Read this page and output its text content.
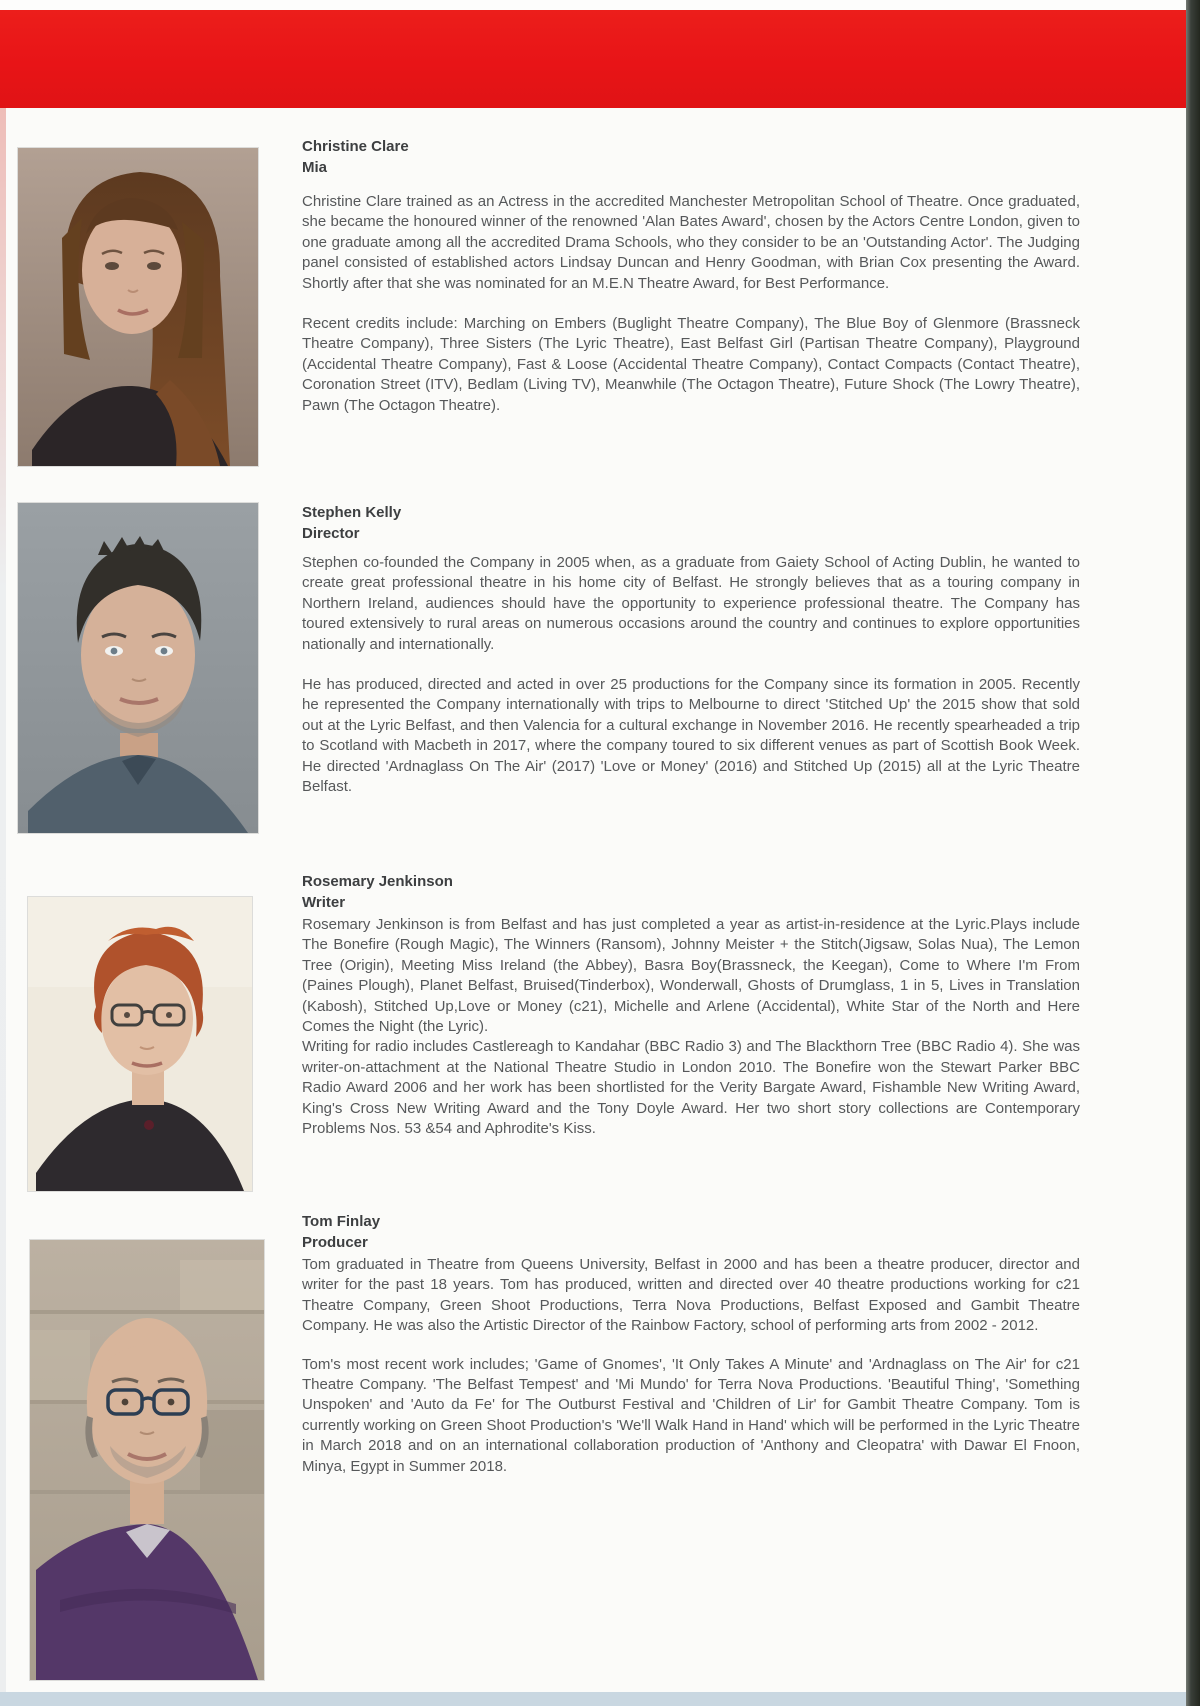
Christine Clare
Mia

Christine Clare trained as an Actress in the accredited Manchester Metropolitan School of Theatre. Once graduated, she became the honoured winner of the renowned 'Alan Bates Award', chosen by the Actors Centre London, given to one graduate among all the accredited Drama Schools, who they consider to be an 'Outstanding Actor'. The Judging panel consisted of established actors Lindsay Duncan and Henry Goodman, with Brian Cox presenting the Award. Shortly after that she was nominated for an M.E.N Theatre Award, for Best Performance.

Recent credits include: Marching on Embers (Buglight Theatre Company), The Blue Boy of Glenmore (Brassneck Theatre Company), Three Sisters (The Lyric Theatre), East Belfast Girl (Partisan Theatre Company), Playground (Accidental Theatre Company), Fast & Loose (Accidental Theatre Company), Contact Compacts (Contact Theatre), Coronation Street (ITV), Bedlam (Living TV), Meanwhile (The Octagon Theatre), Future Shock (The Lowry Theatre), Pawn (The Octagon Theatre).

Stephen Kelly
Director

Stephen co-founded the Company in 2005 when, as a graduate from Gaiety School of Acting Dublin, he wanted to create great professional theatre in his home city of Belfast. He strongly believes that as a touring company in Northern Ireland, audiences should have the opportunity to experience professional theatre. The Company has toured extensively to rural areas on numerous occasions around the country and continues to explore opportunities nationally and internationally.

He has produced, directed and acted in over 25 productions for the Company since its formation in 2005. Recently he represented the Company internationally with trips to Melbourne to direct 'Stitched Up' the 2015 show that sold out at the Lyric Belfast, and then Valencia for a cultural exchange in November 2016. He recently spearheaded a trip to Scotland with Macbeth in 2017, where the company toured to six different venues as part of Scottish Book Week. He directed 'Ardnaglass On The Air' (2017) 'Love or Money' (2016) and Stitched Up (2015) all at the Lyric Theatre Belfast.

Rosemary Jenkinson
Writer

Rosemary Jenkinson is from Belfast and has just completed a year as artist-in-residence at the Lyric.Plays include The Bonefire (Rough Magic), The Winners (Ransom), Johnny Meister + the Stitch(Jigsaw, Solas Nua), The Lemon Tree (Origin), Meeting Miss Ireland (the Abbey), Basra Boy(Brassneck, the Keegan), Come to Where I'm From (Paines Plough), Planet Belfast, Bruised(Tinderbox), Wonderwall, Ghosts of Drumglass, 1 in 5, Lives in Translation (Kabosh), Stitched Up,Love or Money (c21), Michelle and Arlene (Accidental), White Star of the North and Here Comes the Night (the Lyric).

Writing for radio includes Castlereagh to Kandahar (BBC Radio 3) and The Blackthorn Tree (BBC Radio 4). She was writer-on-attachment at the National Theatre Studio in London 2010. The Bonefire won the Stewart Parker BBC Radio Award 2006 and her work has been shortlisted for the Verity Bargate Award, Fishamble New Writing Award, King's Cross New Writing Award and the Tony Doyle Award. Her two short story collections are Contemporary Problems Nos. 53 &54 and Aphrodite's Kiss.

Tom Finlay
Producer

Tom graduated in Theatre from Queens University, Belfast in 2000 and has been a theatre producer, director and writer for the past 18 years. Tom has produced, written and directed over 40 theatre productions working for c21 Theatre Company, Green Shoot Productions, Terra Nova Productions, Belfast Exposed and Gambit Theatre Company. He was also the Artistic Director of the Rainbow Factory, school of performing arts from 2002 - 2012.

Tom's most recent work includes; 'Game of Gnomes', 'It Only Takes A Minute' and 'Ardnaglass on The Air' for c21 Theatre Company. 'The Belfast Tempest' and 'Mi Mundo' for Terra Nova Productions. 'Beautiful Thing', 'Something Unspoken' and 'Auto da Fe' for The Outburst Festival and 'Children of Lir' for Gambit Theatre Company. Tom is currently working on Green Shoot Production's 'We'll Walk Hand in Hand' which will be performed in the Lyric Theatre in March 2018 and on an international collaboration production of 'Anthony and Cleopatra' with Dawar El Fnoon, Minya, Egypt in Summer 2018.
